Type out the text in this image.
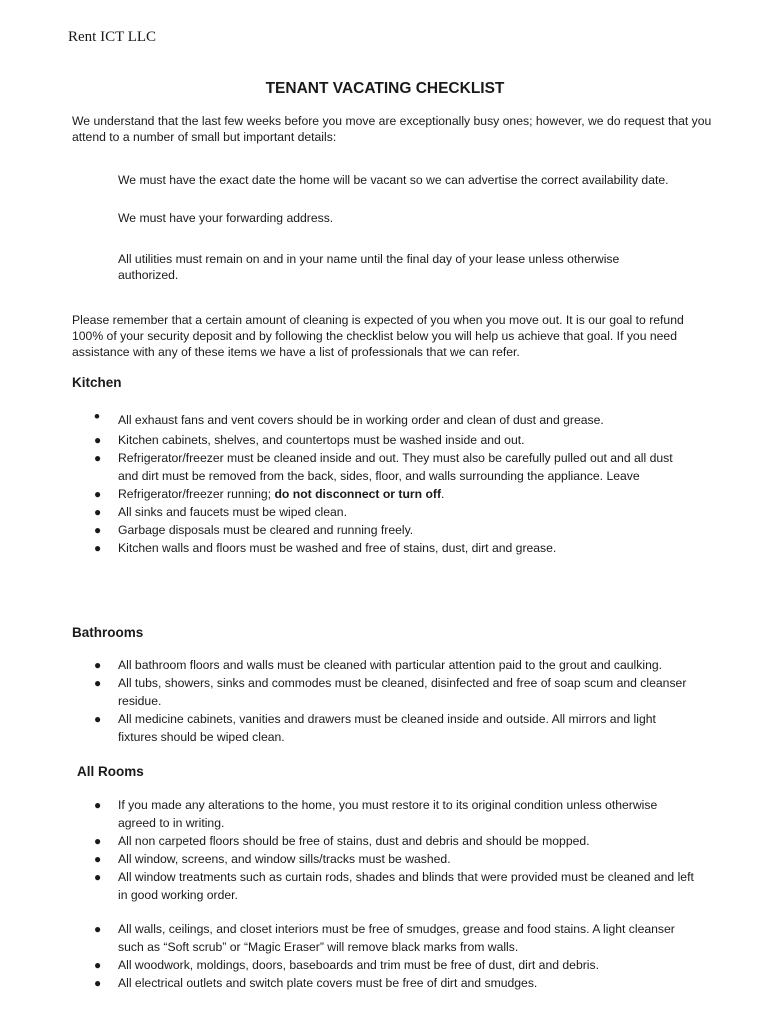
Rent ICT LLC
TENANT VACATING CHECKLIST
We understand that the last few weeks before you move are exceptionally busy ones; however, we do request that you attend to a number of small but important details:
We must have the exact date the home will be vacant so we can advertise the correct availability date.
We must have your forwarding address.
All utilities must remain on and in your name until the final day of your lease unless otherwise authorized.
Please remember that a certain amount of cleaning is expected of you when you move out. It is our goal to refund 100% of your security deposit and by following the checklist below you will help us achieve that goal. If you need assistance with any of these items we have a list of professionals that we can refer.
Kitchen
• All exhaust fans and vent covers should be in working order and clean of dust and grease.
● Kitchen cabinets, shelves, and countertops must be washed inside and out.
● Refrigerator/freezer must be cleaned inside and out. They must also be carefully pulled out and all dust and dirt must be removed from the back, sides, floor, and walls surrounding the appliance. Leave
● Refrigerator/freezer running; do not disconnect or turn off.
● All sinks and faucets must be wiped clean.
● Garbage disposals must be cleared and running freely.
● Kitchen walls and floors must be washed and free of stains, dust, dirt and grease.
Bathrooms
● All bathroom floors and walls must be cleaned with particular attention paid to the grout and caulking.
● All tubs, showers, sinks and commodes must be cleaned, disinfected and free of soap scum and cleanser residue.
● All medicine cabinets, vanities and drawers must be cleaned inside and outside. All mirrors and light fixtures should be wiped clean.
All Rooms
● If you made any alterations to the home, you must restore it to its original condition unless otherwise agreed to in writing.
● All non carpeted floors should be free of stains, dust and debris and should be mopped.
● All window, screens, and window sills/tracks must be washed.
● All window treatments such as curtain rods, shades and blinds that were provided must be cleaned and left in good working order.
● All walls, ceilings, and closet interiors must be free of smudges, grease and food stains. A light cleanser such as “Soft scrub” or “Magic Eraser” will remove black marks from walls.
● All woodwork, moldings, doors, baseboards and trim must be free of dust, dirt and debris.
● All electrical outlets and switch plate covers must be free of dirt and smudges.
